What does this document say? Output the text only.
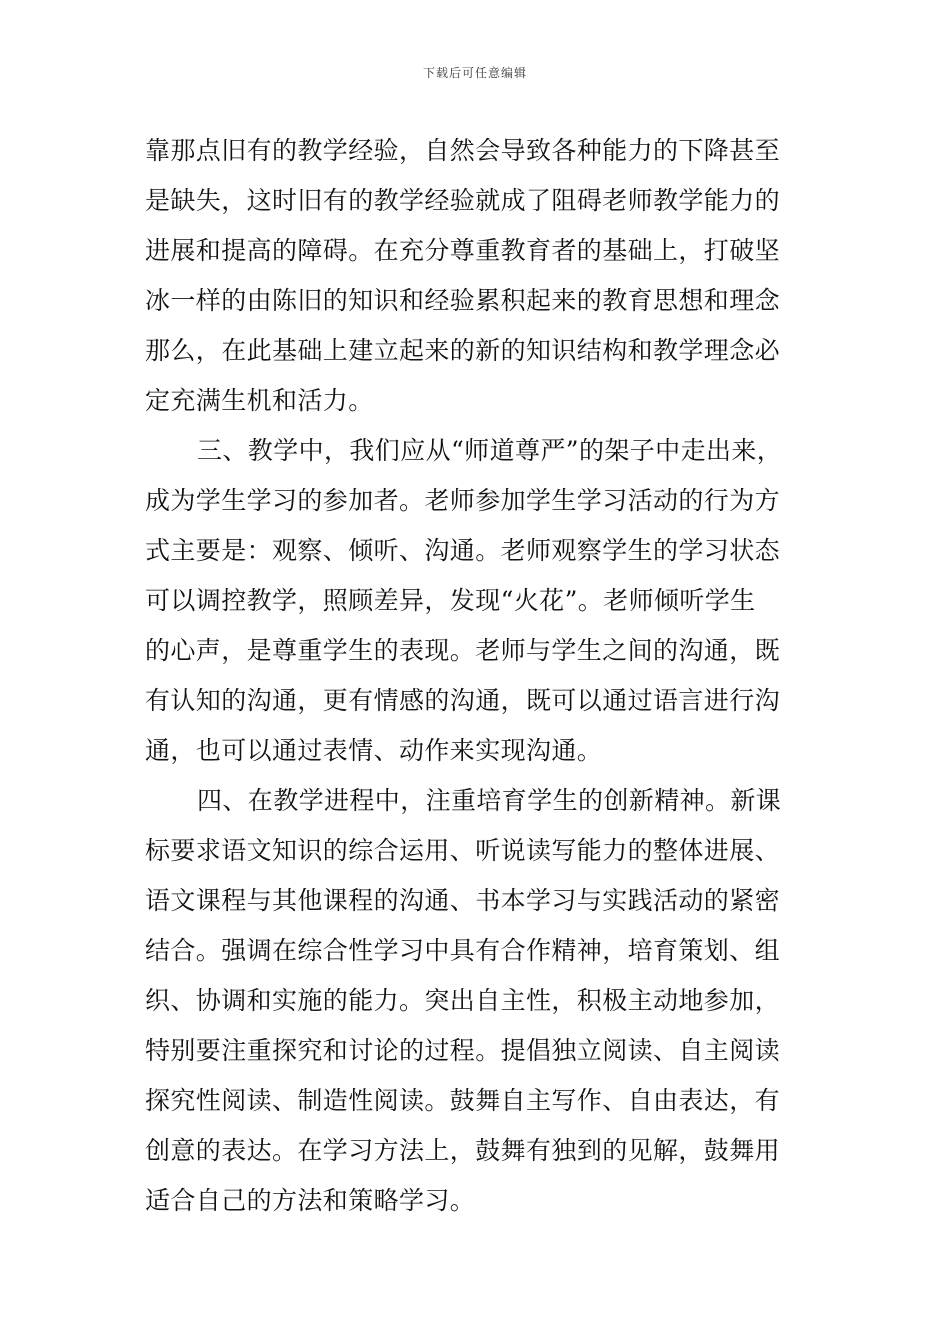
下载后可任意编辑
靠那点旧有的教学经验，自然会导致各种能力的下降甚至
是缺失，这时旧有的教学经验就成了阻碍老师教学能力的
进展和提高的障碍。在充分尊重教育者的基础上，打破坚
冰一样的由陈旧的知识和经验累积起来的教育思想和理念
那么，在此基础上建立起来的新的知识结构和教学理念必
定充满生机和活力。
三、教学中，我们应从“师道尊严”的架子中走出来，
成为学生学习的参加者。老师参加学生学习活动的行为方
式主要是：观察、倾听、沟通。老师观察学生的学习状态
可以调控教学，照顾差异，发现“火花”。老师倾听学生
的心声，是尊重学生的表现。老师与学生之间的沟通，既
有认知的沟通，更有情感的沟通，既可以通过语言进行沟
通，也可以通过表情、动作来实现沟通。
四、在教学进程中，注重培育学生的创新精神。新课
标要求语文知识的综合运用、听说读写能力的整体进展、
语文课程与其他课程的沟通、书本学习与实践活动的紧密
结合。强调在综合性学习中具有合作精神，培育策划、组
织、协调和实施的能力。突出自主性，积极主动地参加，
特别要注重探究和讨论的过程。提倡独立阅读、自主阅读
探究性阅读、制造性阅读。鼓舞自主写作、自由表达，有
创意的表达。在学习方法上，鼓舞有独到的见解，鼓舞用
适合自己的方法和策略学习。
